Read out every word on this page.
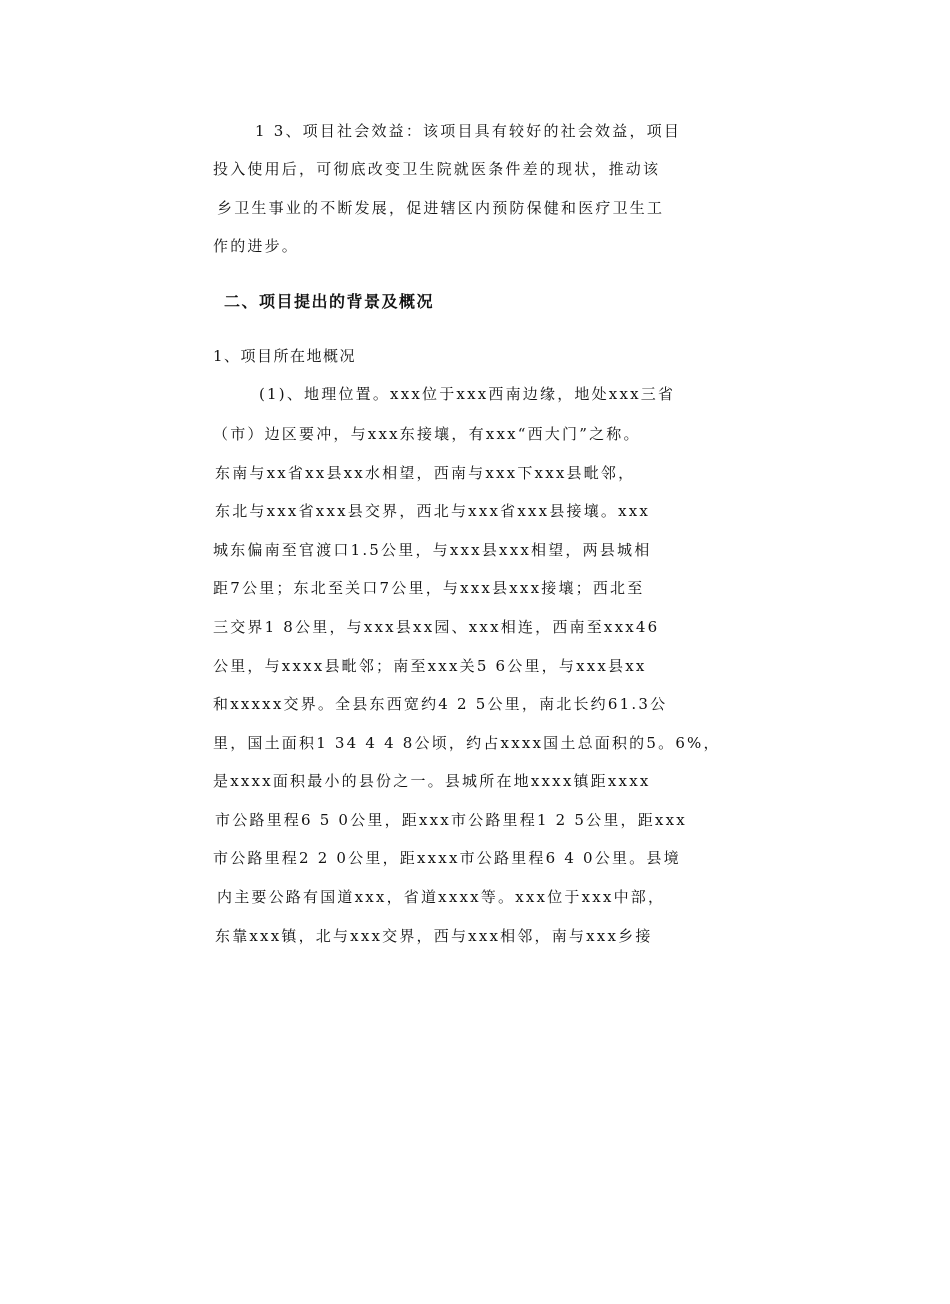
1 3、项目社会效益：该项目具有较好的社会效益，项目
投入使用后，可彻底改变卫生院就医条件差的现状，推动该
乡卫生事业的不断发展，促进辖区内预防保健和医疗卫生工
作的进步。
二、项目提出的背景及概况
1、项目所在地概况
(1)、地理位置。xxx位于xxx西南边缘，地处xxx三省
（市）边区要冲，与xxx东接壤，有xxx“西大门”之称。
东南与xx省xx县xx水相望，西南与xxx下xxx县毗邻，
东北与xxx省xxx县交界，西北与xxx省xxx县接壤。xxx
城东偏南至官渡口1.5公里，与xxx县xxx相望，两县城相
距7公里；东北至关口7公里，与xxx县xxx接壤；西北至
三交界1 8公里，与xxx县xx园、xxx相连，西南至xxx46
公里，与xxxx县毗邻；南至xxx关5 6公里，与xxx县xx
和xxxxx交界。全县东西宽约4 2 5公里，南北长约61.3公
里，国土面积1 34 4 4 8公顷，约占xxxx国土总面积的5。6%，
是xxxx面积最小的县份之一。县城所在地xxxx镇距xxxx
市公路里程6 5 0公里，距xxx市公路里程1 2 5公里，距xxx
市公路里程2 2 0公里，距xxxx市公路里程6 4 0公里。县境
内主要公路有国道xxx，省道xxxx等。xxx位于xxx中部，
东靠xxx镇，北与xxx交界，西与xxx相邻，南与xxx乡接
